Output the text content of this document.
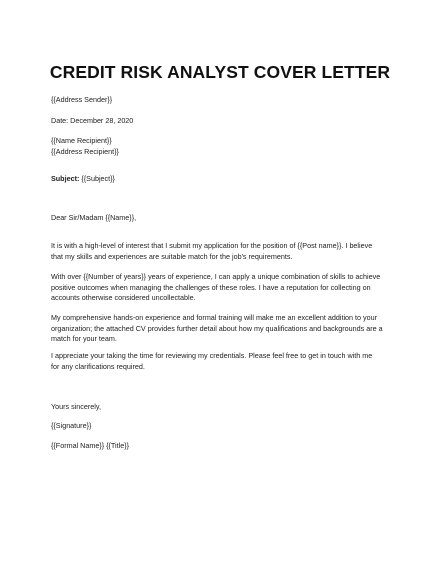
CREDIT RISK ANALYST COVER LETTER
{{Address Sender}}
Date: December 28, 2020
{{Name Recipient}}
{{Address Recipient}}
Subject: {{Subject}}
Dear Sir/Madam {{Name}},
It is with a high-level of interest that I submit my application for the position of {{Post name}}. I believe
that my skills and experiences are suitable match for the job's requirements.
With over {{Number of years}} years of experience, I can apply a unique combination of skills to achieve
positive outcomes when managing the challenges of these roles. I have a reputation for collecting on
accounts otherwise considered uncollectable.
My comprehensive hands-on experience and formal training will make me an excellent addition to your
organization; the attached CV provides further detail about how my qualifications and backgrounds are a
match for your team.
I appreciate your taking the time for reviewing my credentials. Please feel free to get in touch with me
for any clarifications required.
Yours sincerely,
{{Signature}}
{{Formal Name}} {{Title}}
